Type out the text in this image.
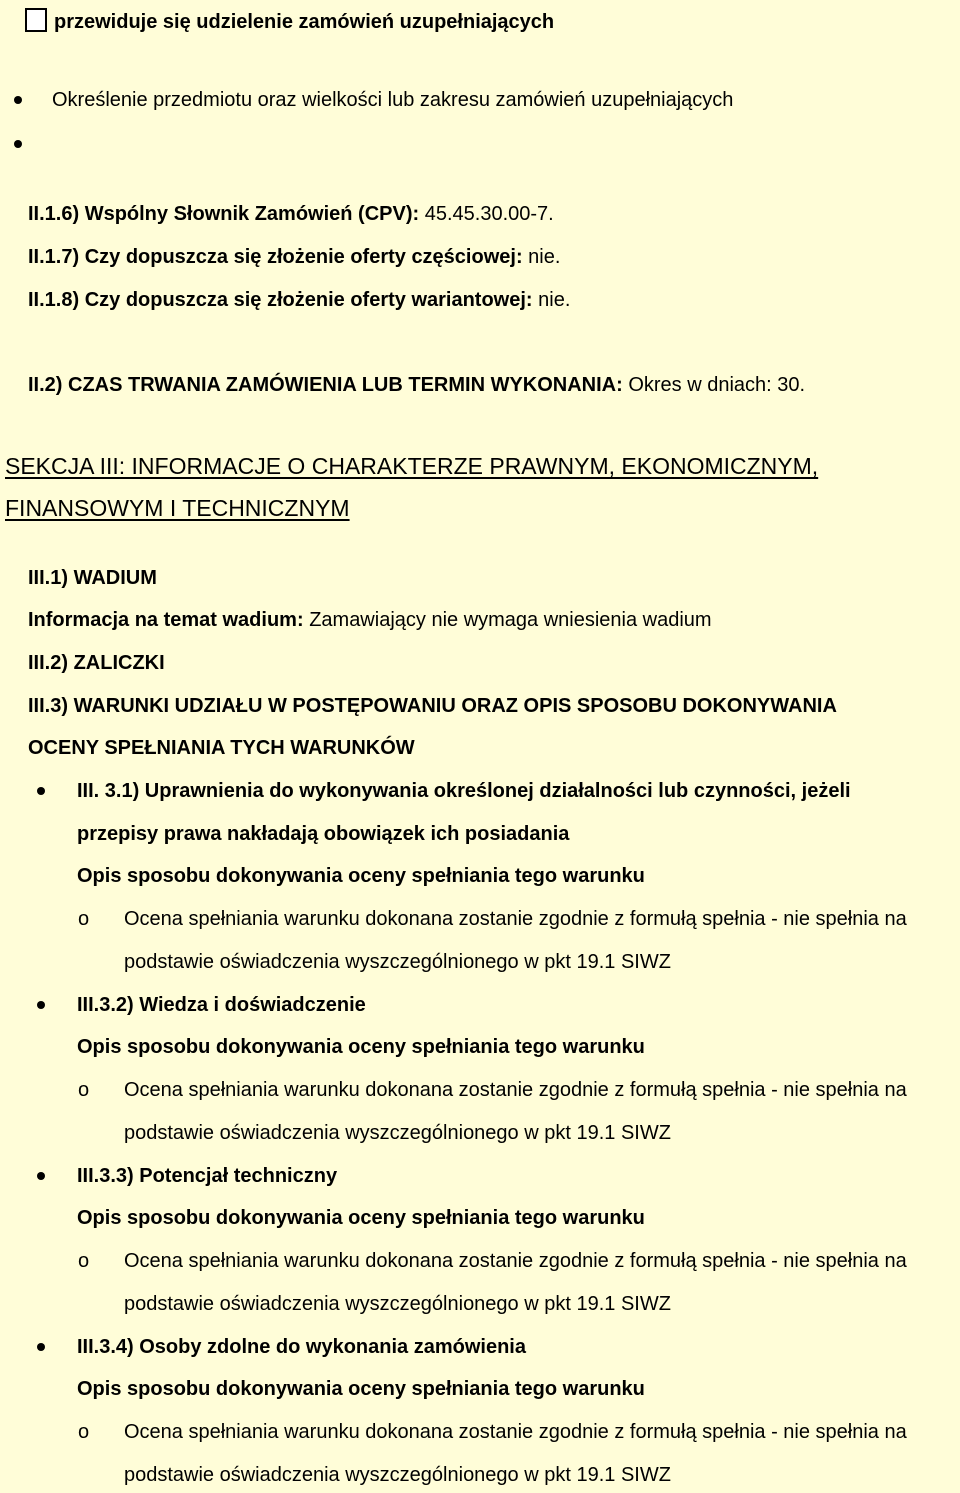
przewiduje się udzielenie zamówień uzupełniających
Określenie przedmiotu oraz wielkości lub zakresu zamówień uzupełniających
II.1.6) Wspólny Słownik Zamówień (CPV): 45.45.30.00-7.
II.1.7) Czy dopuszcza się złożenie oferty częściowej: nie.
II.1.8) Czy dopuszcza się złożenie oferty wariantowej: nie.
II.2) CZAS TRWANIA ZAMÓWIENIA LUB TERMIN WYKONANIA: Okres w dniach: 30.
SEKCJA III: INFORMACJE O CHARAKTERZE PRAWNYM, EKONOMICZNYM,
FINANSOWYM I TECHNICZNYM
III.1) WADIUM
Informacja na temat wadium: Zamawiający nie wymaga wniesienia wadium
III.2) ZALICZKI
III.3) WARUNKI UDZIAŁU W POSTĘPOWANIU ORAZ OPIS SPOSOBU DOKONYWANIA
OCENY SPEŁNIANIA TYCH WARUNKÓW
III. 3.1) Uprawnienia do wykonywania określonej działalności lub czynności, jeżeli
przepisy prawa nakładają obowiązek ich posiadania
Opis sposobu dokonywania oceny spełniania tego warunku
o Ocena spełniania warunku dokonana zostanie zgodnie z formułą spełnia - nie spełnia na
podstawie oświadczenia wyszczególnionego w pkt 19.1 SIWZ
III.3.2) Wiedza i doświadczenie
Opis sposobu dokonywania oceny spełniania tego warunku
o Ocena spełniania warunku dokonana zostanie zgodnie z formułą spełnia - nie spełnia na
podstawie oświadczenia wyszczególnionego w pkt 19.1 SIWZ
III.3.3) Potencjał techniczny
Opis sposobu dokonywania oceny spełniania tego warunku
o Ocena spełniania warunku dokonana zostanie zgodnie z formułą spełnia - nie spełnia na
podstawie oświadczenia wyszczególnionego w pkt 19.1 SIWZ
III.3.4) Osoby zdolne do wykonania zamówienia
Opis sposobu dokonywania oceny spełniania tego warunku
o Ocena spełniania warunku dokonana zostanie zgodnie z formułą spełnia - nie spełnia na
podstawie oświadczenia wyszczególnionego w pkt 19.1 SIWZ
